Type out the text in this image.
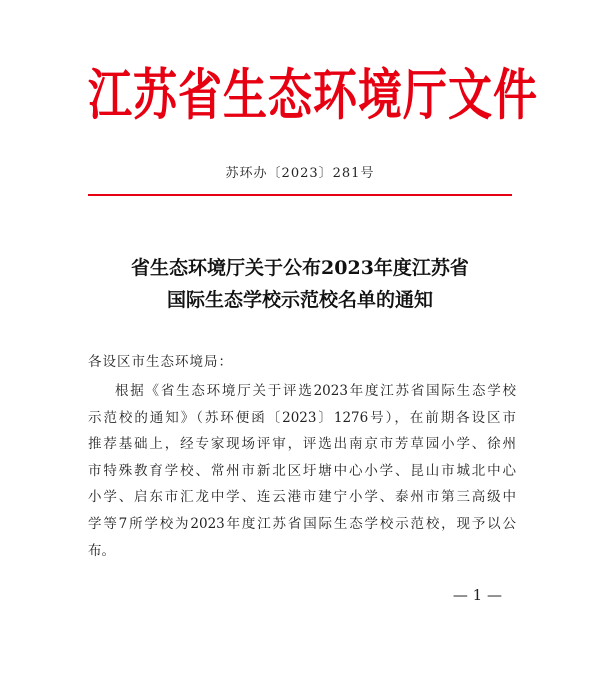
江苏省生态环境厅文件
苏环办〔2023〕281号
省生态环境厅关于公布2023年度江苏省
国际生态学校示范校名单的通知
各设区市生态环境局：
根据《省生态环境厅关于评选2023年度江苏省国际生态学校
示范校的通知》（苏环便函〔2023〕1276号），在前期各设区市
推荐基础上，经专家现场评审，评选出南京市芳草园小学、徐州
市特殊教育学校、常州市新北区圩塘中心小学、昆山市城北中心
小学、启东市汇龙中学、连云港市建宁小学、泰州市第三高级中
学等7所学校为2023年度江苏省国际生态学校示范校，现予以公
布。
— 1 —
